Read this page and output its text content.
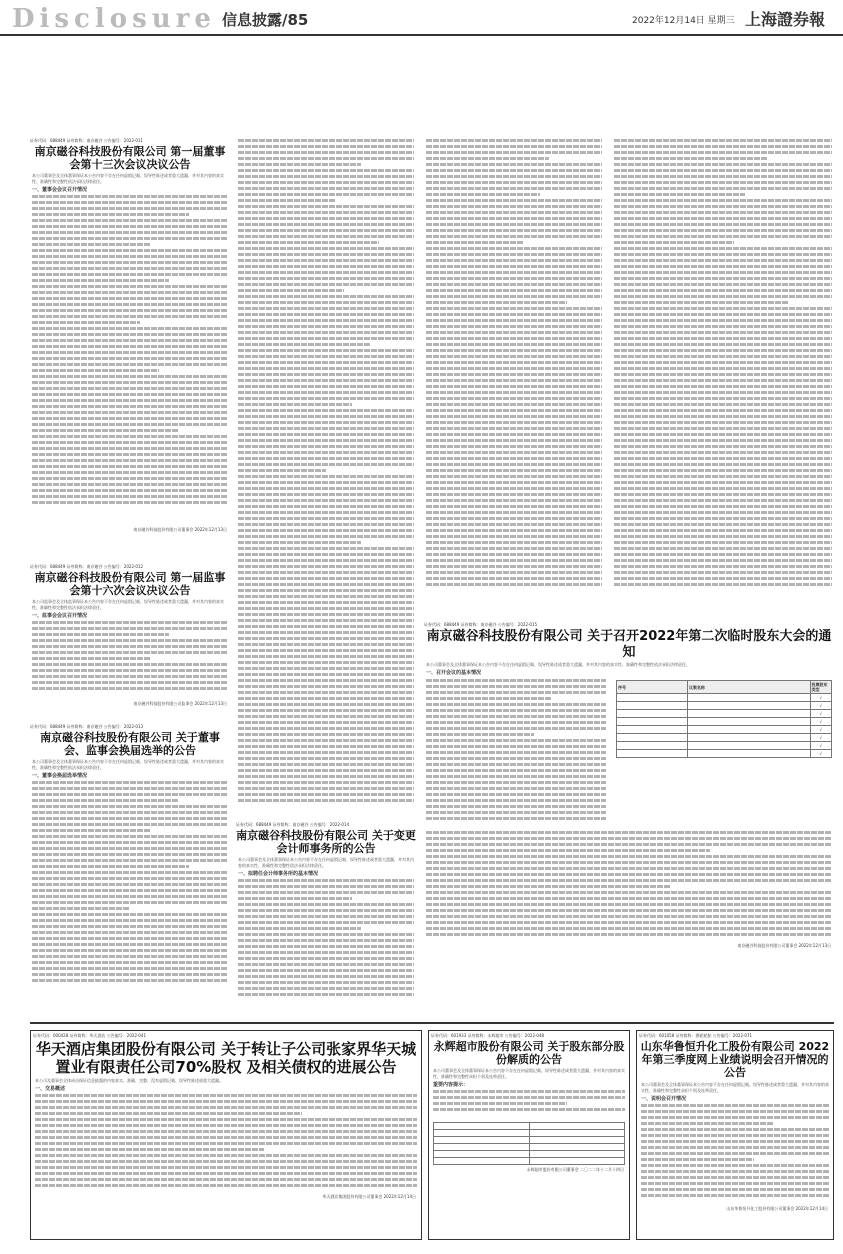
Disclosure 信息披露/85	2022年12月14日 星期三 上海證券報
证券代码：688449 证券简称：南京磁谷 公告编号：2022-011
南京磁谷科技股份有限公司 第一届董事会第十三次会议决议公告
本公司董事会及全体董事保证本公告内容不存在任何虚假记载、误导性陈述或者重大遗漏，并对其内容的真实性、准确性和完整性依法承担法律责任。
一、董事会会议召开情况
南京磁谷科技股份有限公司董事会 2022年12月13日
证券代码：688449 证券简称：南京磁谷 公告编号：2022-012
南京磁谷科技股份有限公司 第一届监事会第十六次会议决议公告
本公司监事会及全体监事保证本公告内容不存在任何虚假记载、误导性陈述或者重大遗漏，并对其内容的真实性、准确性和完整性依法承担法律责任。
一、监事会会议召开情况
南京磁谷科技股份有限公司监事会 2022年12月13日
证券代码：688449 证券简称：南京磁谷 公告编号：2022-013
南京磁谷科技股份有限公司 关于董事会、监事会换届选举的公告
本公司董事会及全体董事保证本公告内容不存在任何虚假记载、误导性陈述或者重大遗漏，并对其内容的真实性、准确性和完整性依法承担法律责任。
一、董事会换届选举情况
证券代码：688449 证券简称：南京磁谷 公告编号：2022-014
南京磁谷科技股份有限公司 关于变更会计师事务所的公告
本公司董事会及全体董事保证本公告内容不存在任何虚假记载、误导性陈述或者重大遗漏，并对其内容的真实性、准确性和完整性依法承担法律责任。
一、拟聘任会计师事务所的基本情况
证券代码：688449 证券简称：南京磁谷 公告编号：2022-015
南京磁谷科技股份有限公司 关于召开2022年第二次临时股东大会的通知
本公司董事会及全体董事保证本公告内容不存在任何虚假记载、误导性陈述或者重大遗漏，并对其内容的真实性、准确性和完整性依法承担法律责任。
一、召开会议的基本情况
序号	议案名称	投票股东类型
		√
		√
		√
		√
		√
		√
		√
		√
南京磁谷科技股份有限公司董事会 2022年12月13日
证券代码：000428 证券简称：华天酒店 公告编号：2022-041
华天酒店集团股份有限公司 关于转让子公司张家界华天城置业有限责任公司70%股权 及相关债权的进展公告
本公司及董事会全体成员保证信息披露的内容真实、准确、完整，没有虚假记载、误导性陈述或重大遗漏。
一、交易概述
华天酒店集团股份有限公司董事会 2022年12月14日
证券代码：601933 证券简称：永辉超市 公告编号：2022-048
永辉超市股份有限公司 关于股东部分股份解质的公告
本公司董事会及全体董事保证本公告内容不存在任何虚假记载、误导性陈述或者重大遗漏，并对其内容的真实性、准确性和完整性承担个别及连带责任。
重要内容提示：

永辉超市股份有限公司董事会 二〇二二年十二月十四日
证券代码：601058 证券简称：赛轮轮胎 公告编号：2022-071
山东华鲁恒升化工股份有限公司 2022年第三季度网上业绩说明会召开情况的公告
本公司董事会及全体董事保证本公告内容不存在任何虚假记载、误导性陈述或者重大遗漏，并对其内容的真实性、准确性和完整性承担个别及连带责任。
一、说明会召开情况
山东华鲁恒升化工股份有限公司董事会 2022年12月14日
